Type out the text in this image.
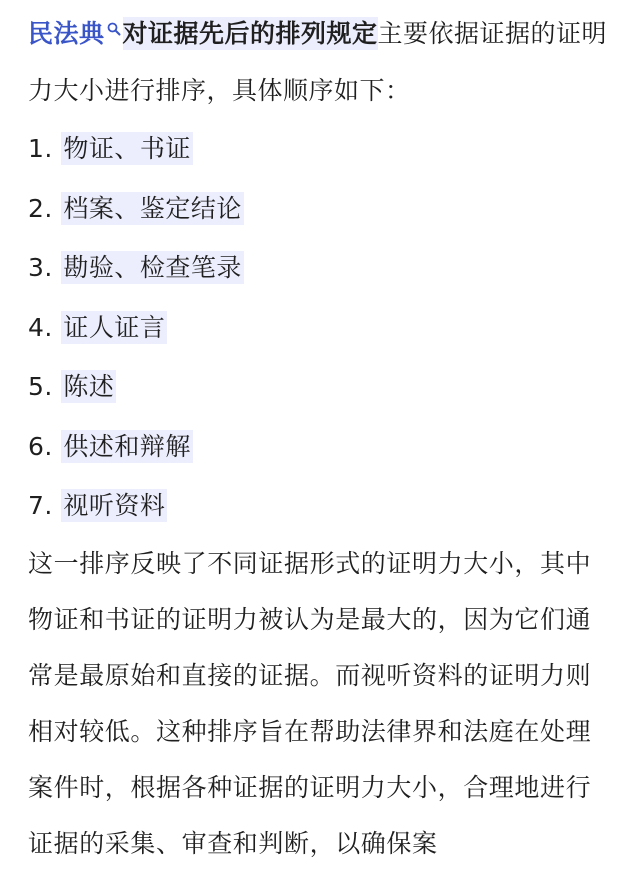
民法典 对证据先后的排列规定主要依据证据的证明力大小进行排序，具体顺序如下：

1. 物证、书证
2. 档案、鉴定结论
3. 勘验、检查笔录
4. 证人证言
5. 陈述
6. 供述和辩解
7. 视听资料

这一排序反映了不同证据形式的证明力大小，其中物证和书证的证明力被认为是最大的，因为它们通常是最原始和直接的证据。而视听资料的证明力则相对较低。这种排序旨在帮助法律界和法庭在处理案件时，根据各种证据的证明力大小，合理地进行证据的采集、审查和判断，以确保案
